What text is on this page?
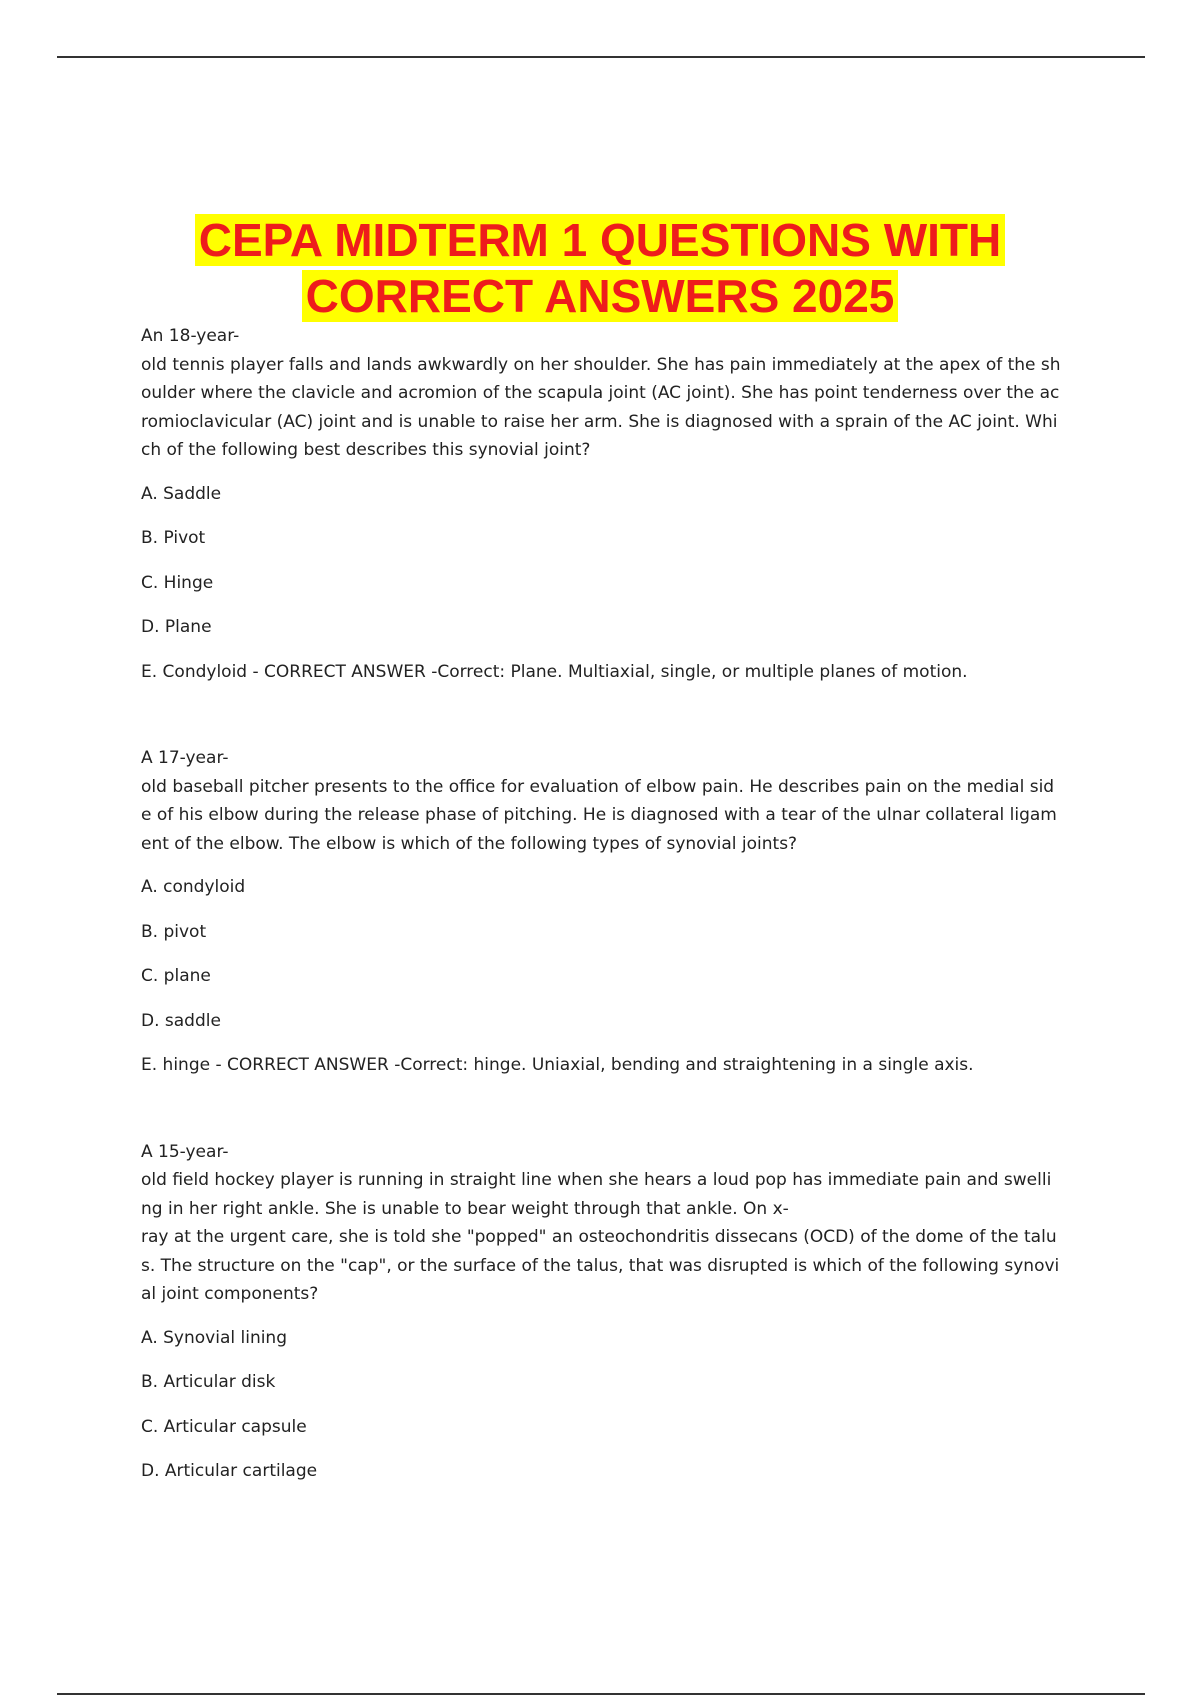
CEPA MIDTERM 1 QUESTIONS WITH
CORRECT ANSWERS 2025
An 18-year-
old tennis player falls and lands awkwardly on her shoulder. She has pain immediately at the apex of the shoulder where the clavicle and acromion of the scapula joint (AC joint). She has point tenderness over the acromioclavicular (AC) joint and is unable to raise her arm. She is diagnosed with a sprain of the AC joint. Which of the following best describes this synovial joint?
A. Saddle
B. Pivot
C. Hinge
D. Plane
E. Condyloid - CORRECT ANSWER -Correct: Plane. Multiaxial, single, or multiple planes of motion.
A 17-year-
old baseball pitcher presents to the office for evaluation of elbow pain. He describes pain on the medial side of his elbow during the release phase of pitching. He is diagnosed with a tear of the ulnar collateral ligament of the elbow. The elbow is which of the following types of synovial joints?
A. condyloid
B. pivot
C. plane
D. saddle
E. hinge - CORRECT ANSWER -Correct: hinge. Uniaxial, bending and straightening in a single axis.
A 15-year-
old field hockey player is running in straight line when she hears a loud pop has immediate pain and swelling in her right ankle. She is unable to bear weight through that ankle. On x-
ray at the urgent care, she is told she "popped" an osteochondritis dissecans (OCD) of the dome of the talus. The structure on the "cap", or the surface of the talus, that was disrupted is which of the following synovial joint components?
A. Synovial lining
B. Articular disk
C. Articular capsule
D. Articular cartilage
